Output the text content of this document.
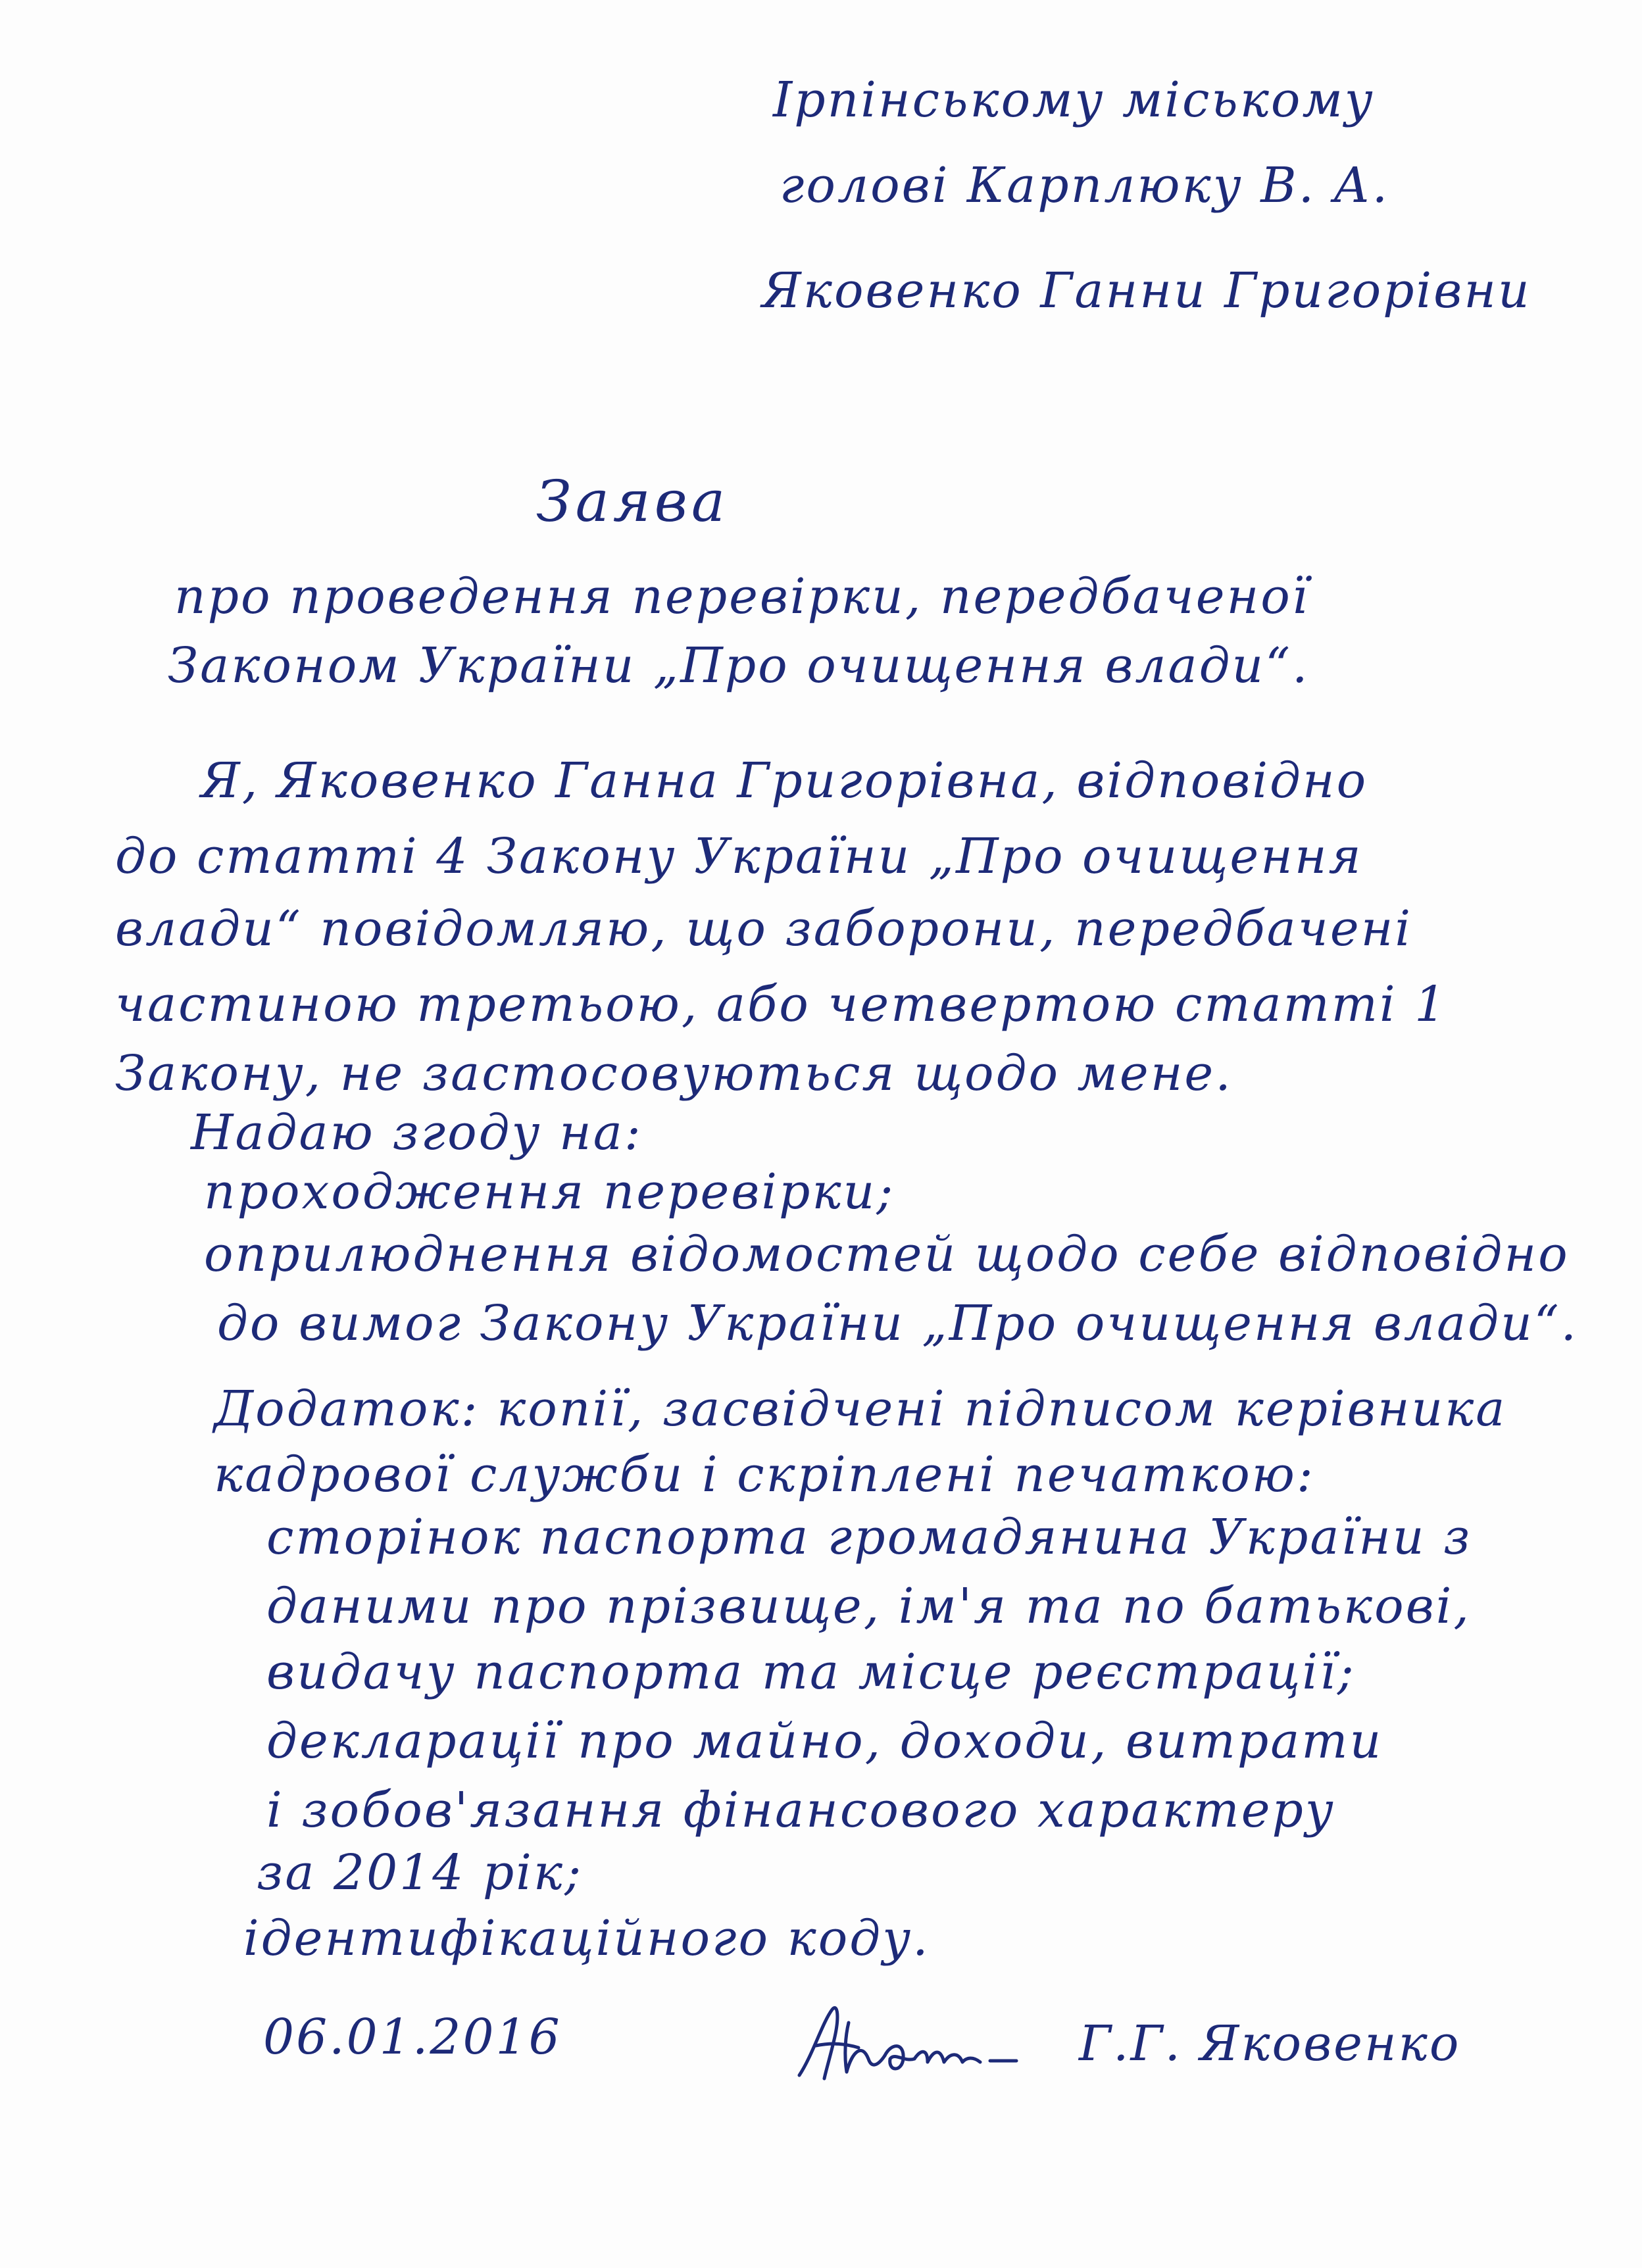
Ірпінському міському
голові Карплюку В. А.
Яковенко Ганни Григорівни
Заява
про проведення перевірки, передбаченої
Законом України „Про очищення влади“.
Я, Яковенко Ганна Григорівна, відповідно
до статті 4 Закону України „Про очищення
влади“ повідомляю, що заборони, передбачені
частиною третьою, або четвертою статті 1
Закону, не застосовуються щодо мене.
Надаю згоду на:
проходження перевірки;
оприлюднення відомостей щодо себе відповідно
до вимог Закону України „Про очищення влади“.
Додаток: копії, засвідчені підписом керівника
кадрової служби і скріплені печаткою:
сторінок паспорта громадянина України з
даними про прізвище, ім'я та по батькові,
видачу паспорта та місце реєстрації;
декларації про майно, доходи, витрати
і зобов'язання фінансового характеру
за 2014 рік;
ідентифікаційного коду.
06.01.2016	Г.Г. Яковенко
